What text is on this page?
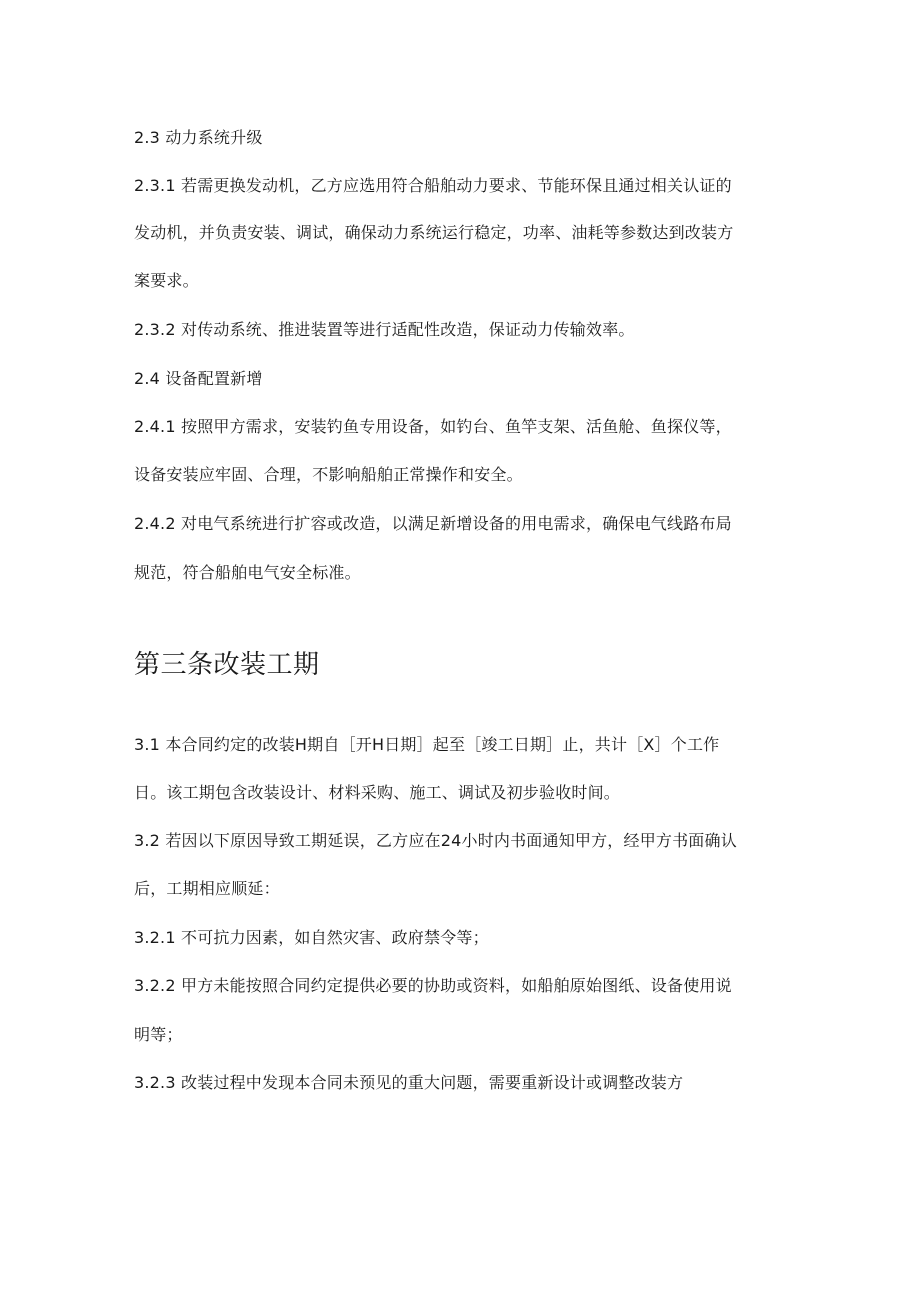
2.3 动力系统升级
2.3.1 若需更换发动机，乙方应选用符合船舶动力要求、节能环保且通过相关认证的
发动机，并负责安装、调试，确保动力系统运行稳定，功率、油耗等参数达到改装方
案要求。
2.3.2 对传动系统、推进装置等进行适配性改造，保证动力传输效率。
2.4 设备配置新增
2.4.1 按照甲方需求，安装钓鱼专用设备，如钓台、鱼竿支架、活鱼舱、鱼探仪等，
设备安装应牢固、合理，不影响船舶正常操作和安全。
2.4.2 对电气系统进行扩容或改造，以满足新增设备的用电需求，确保电气线路布局
规范，符合船舶电气安全标准。
第三条改装工期
3.1 本合同约定的改装H期自［开H日期］起至［竣工日期］止，共计［X］个工作
日。该工期包含改装设计、材料采购、施工、调试及初步验收时间。
3.2 若因以下原因导致工期延误，乙方应在24小时内书面通知甲方，经甲方书面确认
后，工期相应顺延：
3.2.1 不可抗力因素，如自然灾害、政府禁令等；
3.2.2 甲方未能按照合同约定提供必要的协助或资料，如船舶原始图纸、设备使用说
明等；
3.2.3 改装过程中发现本合同未预见的重大问题，需要重新设计或调整改装方
